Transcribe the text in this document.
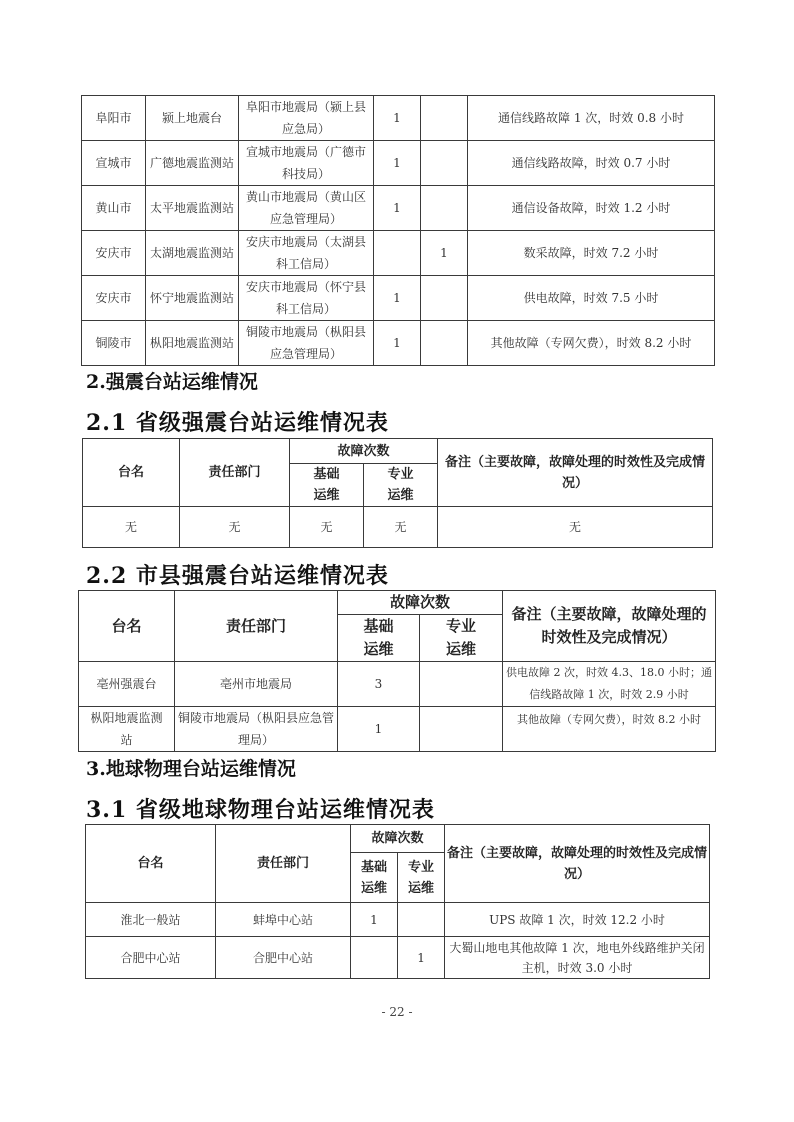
阜阳市	颍上地震台	阜阳市地震局（颍上县应急局）	1		通信线路故障 1 次，时效 0.8 小时
宣城市	广德地震监测站	宣城市地震局（广德市科技局）	1		通信线路故障，时效 0.7 小时
黄山市	太平地震监测站	黄山市地震局（黄山区应急管理局）	1		通信设备故障，时效 1.2 小时
安庆市	太湖地震监测站	安庆市地震局（太湖县科工信局）		1	数采故障，时效 7.2 小时
安庆市	怀宁地震监测站	安庆市地震局（怀宁县科工信局）	1		供电故障，时效 7.5 小时
铜陵市	枞阳地震监测站	铜陵市地震局（枞阳县应急管理局）	1		其他故障（专网欠费），时效 8.2 小时
2.强震台站运维情况
2.1 省级强震台站运维情况表
台名	责任部门	故障次数		备注（主要故障，故障处理的时效性及完成情况）
		基础运维	专业运维	
无	无	无	无	无
2.2 市县强震台站运维情况表
台名	责任部门	故障次数		备注（主要故障，故障处理的时效性及完成情况）
		基础运维	专业运维	
亳州强震台	亳州市地震局	3		供电故障 2 次，时效 4.3、18.0 小时；通信线路故障 1 次，时效 2.9 小时
枞阳地震监测站	铜陵市地震局（枞阳县应急管理局）	1		其他故障（专网欠费），时效 8.2 小时
3.地球物理台站运维情况
3.1 省级地球物理台站运维情况表
台名	责任部门	故障次数		备注（主要故障，故障处理的时效性及完成情况）
		基础运维	专业运维	
淮北一般站	蚌埠中心站	1		UPS 故障 1 次，时效 12.2 小时
合肥中心站	合肥中心站		1	大蜀山地电其他故障 1 次，地电外线路维护关闭主机，时效 3.0 小时
- 22 -
